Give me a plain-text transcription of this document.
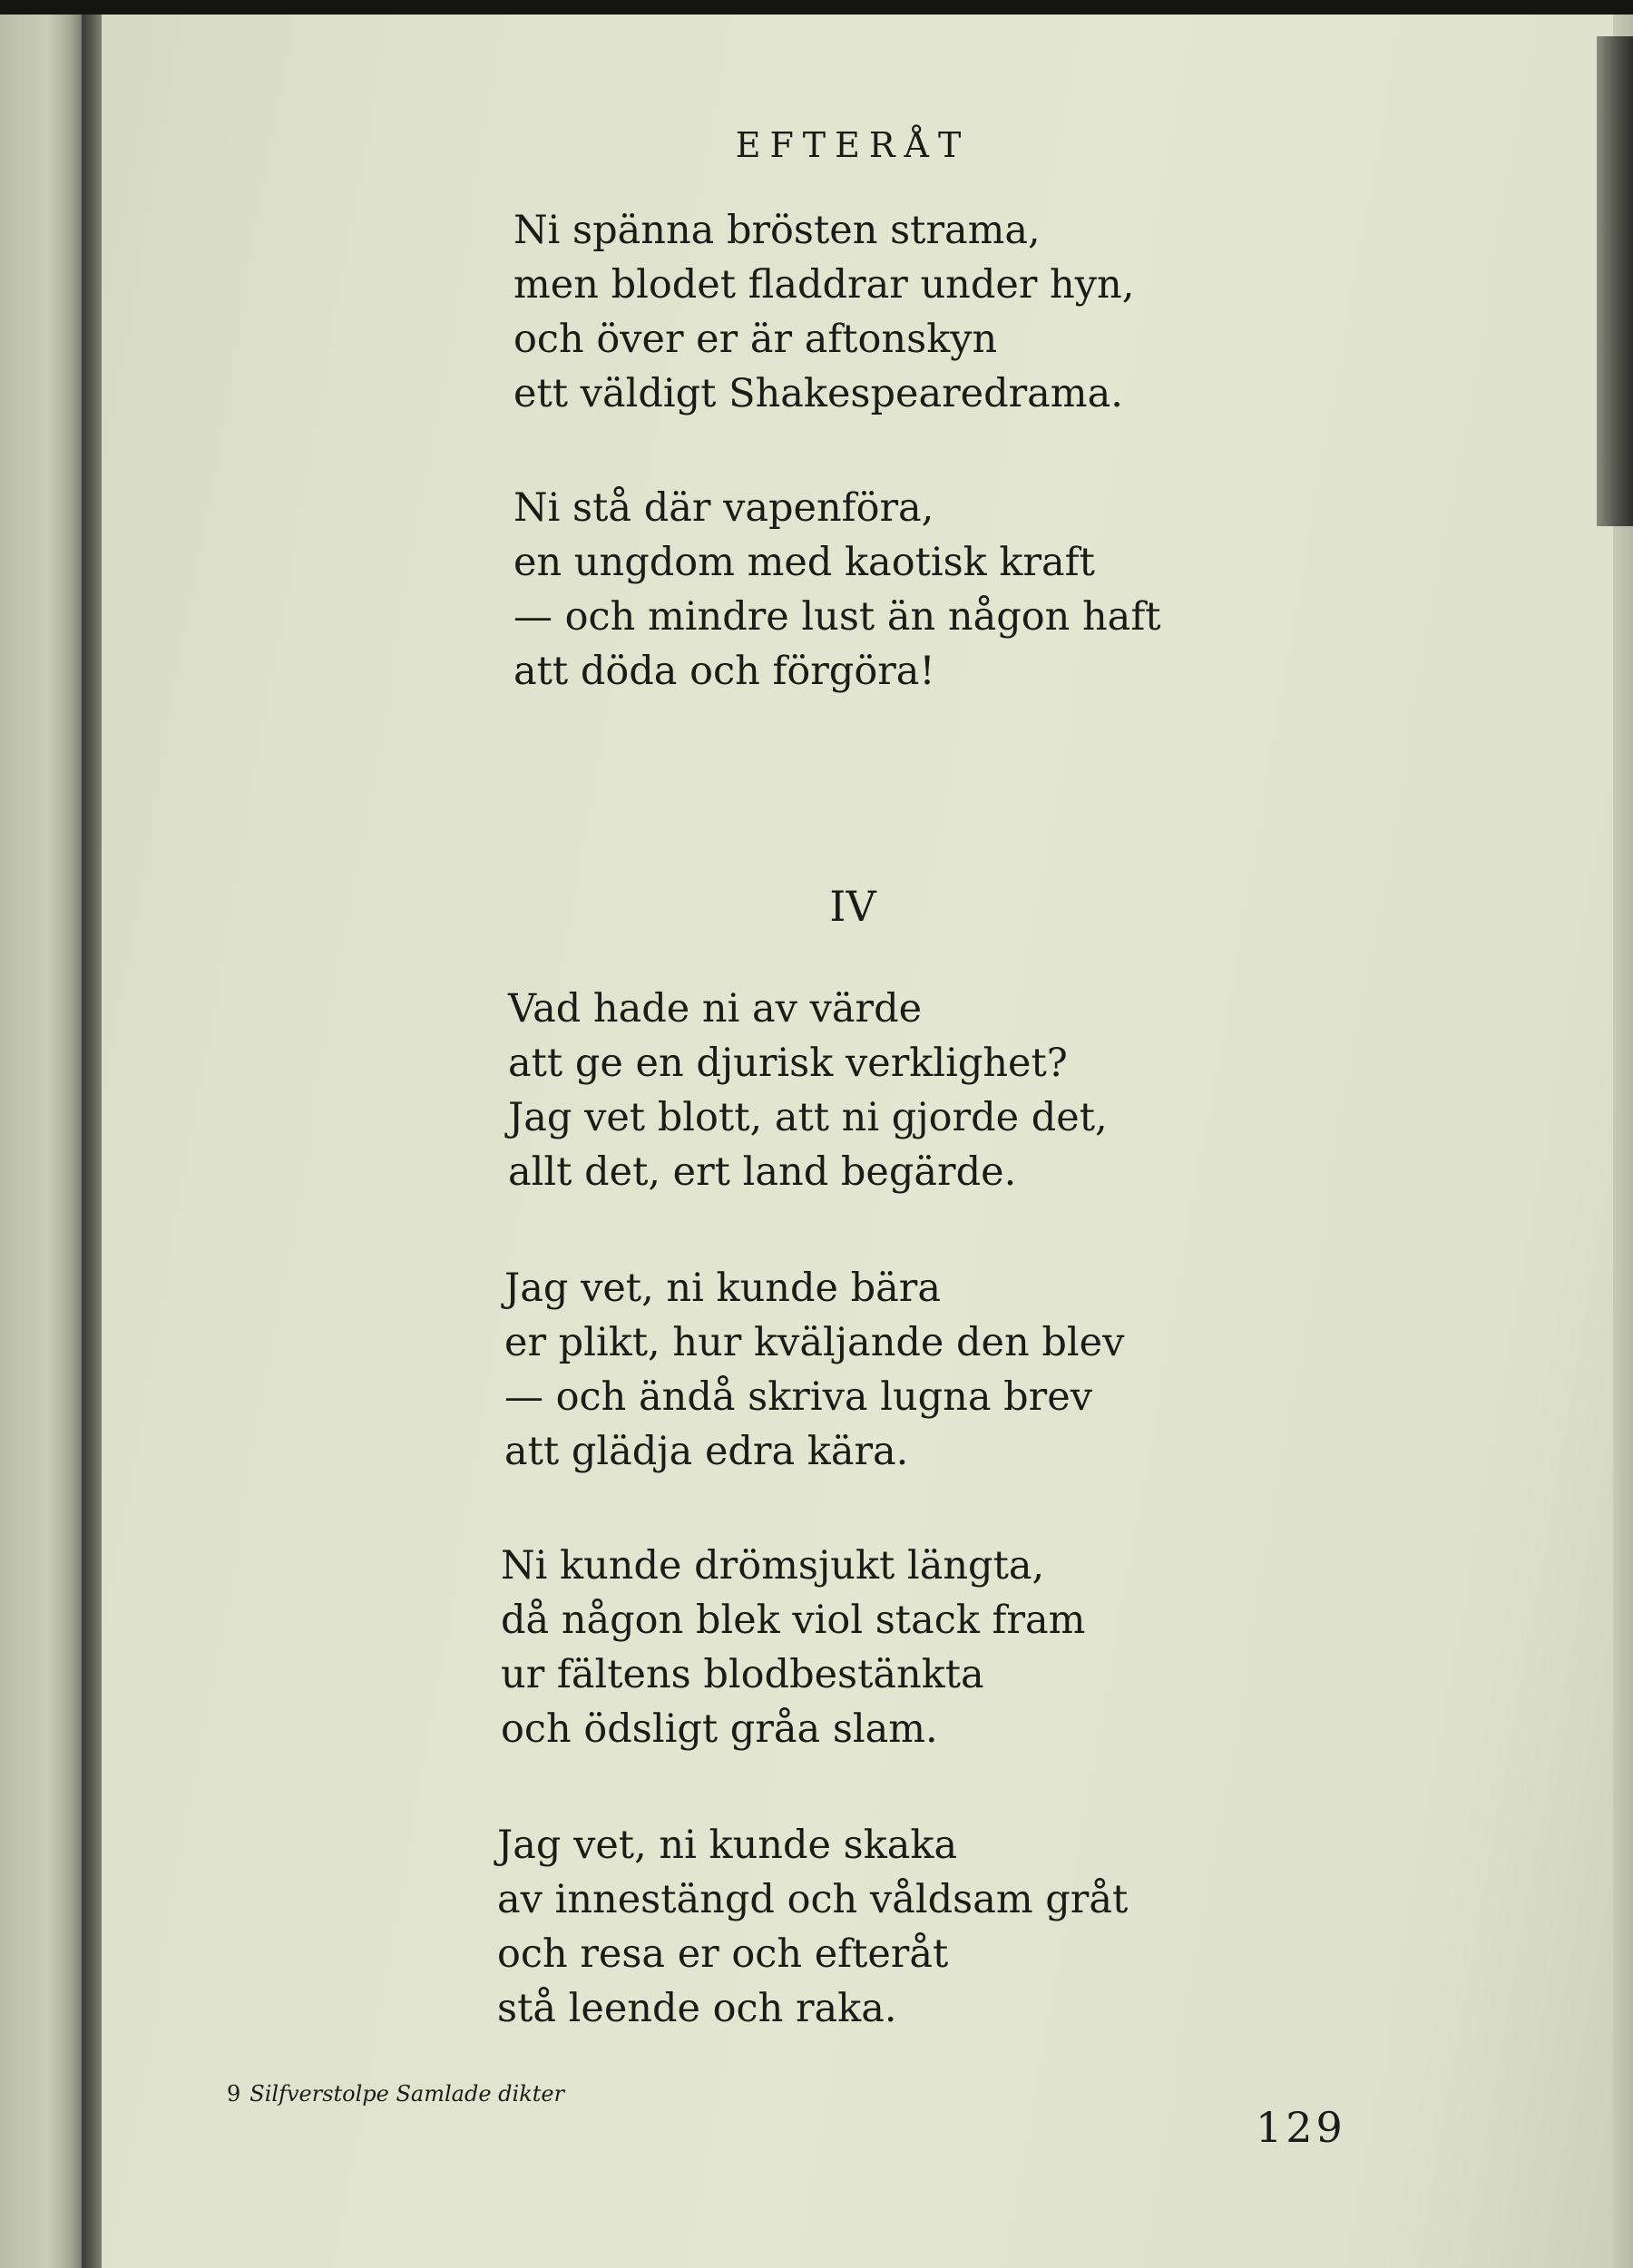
EFTERÅT
Ni spänna brösten strama,
men blodet fladdrar under hyn,
och över er är aftonskyn
ett väldigt Shakespearedrama.
Ni stå där vapenföra,
en ungdom med kaotisk kraft
— och mindre lust än någon haft
att döda och förgöra!
IV
Vad hade ni av värde
att ge en djurisk verklighet?
Jag vet blott, att ni gjorde det,
allt det, ert land begärde.
Jag vet, ni kunde bära
er plikt, hur kväljande den blev
— och ändå skriva lugna brev
att glädja edra kära.
Ni kunde drömsjukt längta,
då någon blek viol stack fram
ur fältens blodbestänkta
och ödsligt gråa slam.
Jag vet, ni kunde skaka
av innestängd och våldsam gråt
och resa er och efteråt
stå leende och raka.
9 Silfverstolpe Samlade dikter
129
